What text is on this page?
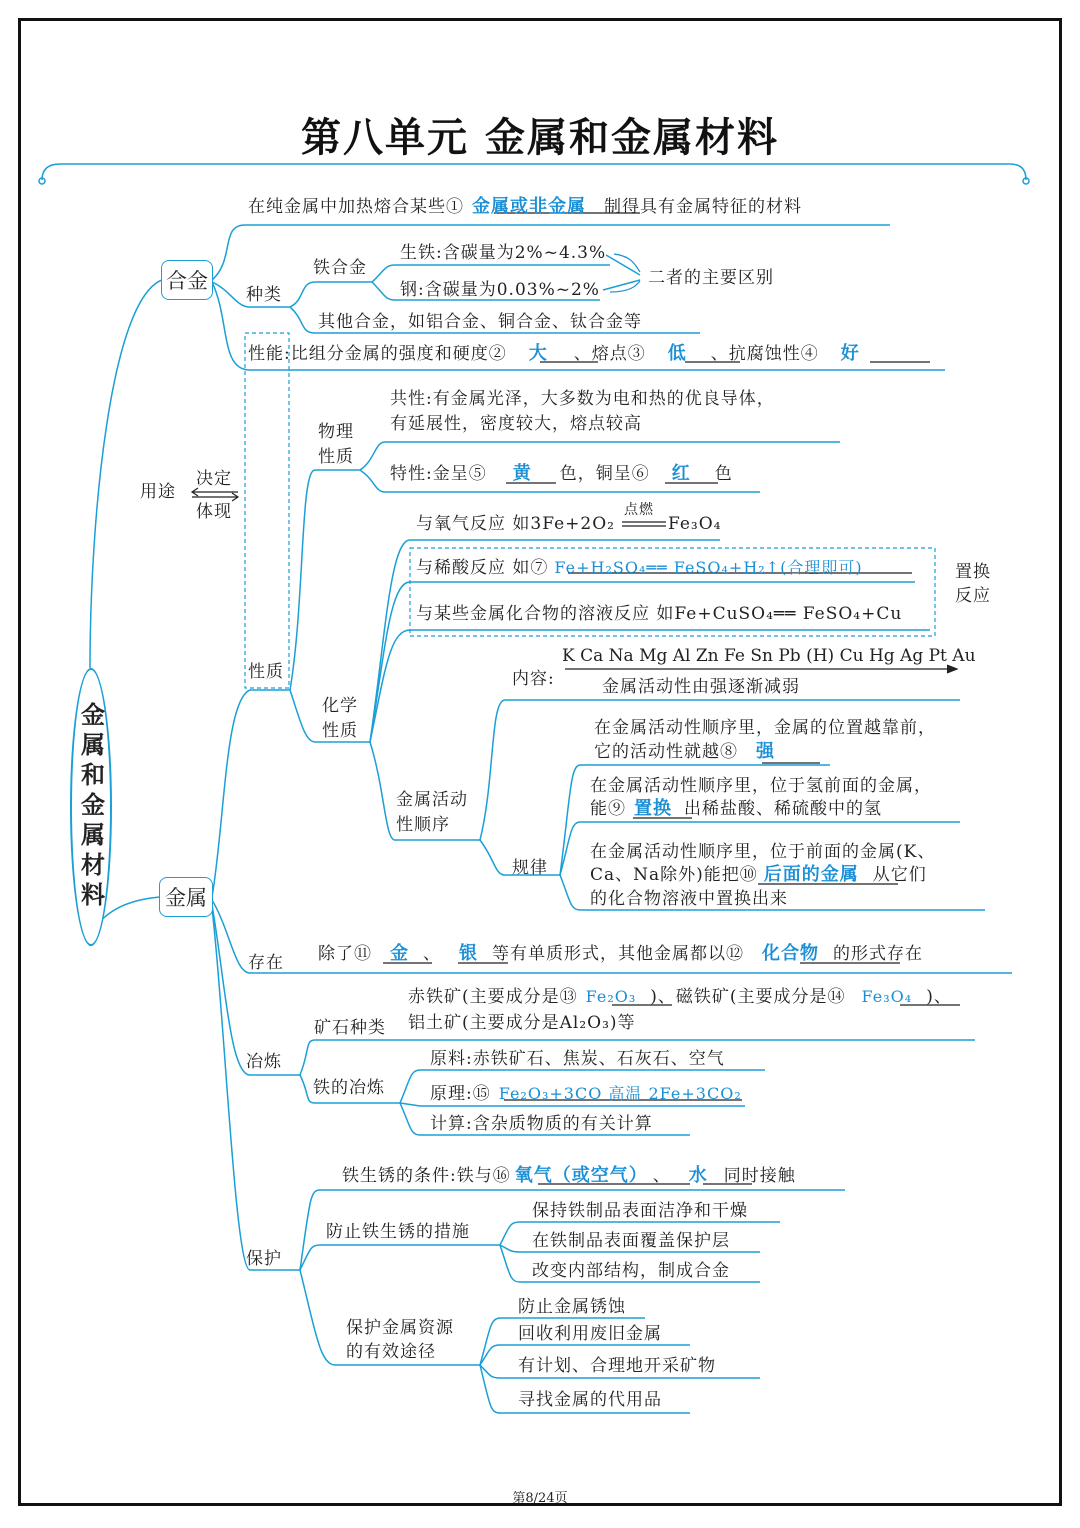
第八单元 金属和金属材料
金属和金属材料
合金
在纯金属中加热熔合某些① 金属或非金属 制得具有金属特征的材料
种类
铁合金
生铁:含碳量为2%~4.3%
钢:含碳量为0.03%~2%
二者的主要区别
其他合金，如铝合金、铜合金、钛合金等
性能:比组分金属的强度和硬度② 大 、熔点③ 低 、抗腐蚀性④ 好
用途
决定
体现
性质
物理性质
共性:有金属光泽，大多数为电和热的优良导体，
有延展性，密度较大，熔点较高
特性:金呈⑤ 黄 色，铜呈⑥ 红 色
化学性质
与氧气反应 如3Fe+2O₂
点燃
Fe₃O₄
与稀酸反应 如⑦ Fe+H₂SO₄══ FeSO₄+H₂↑(合理即可)
与某些金属化合物的溶液反应 如Fe+CuSO₄══ FeSO₄+Cu
置换反应
金属活动性顺序
内容:
K Ca Na Mg Al Zn Fe Sn Pb (H) Cu Hg Ag Pt Au
金属活动性由强逐渐减弱
规律
在金属活动性顺序里，金属的位置越靠前，
它的活动性就越⑧ 强
在金属活动性顺序里，位于氢前面的金属，
能⑨ 置换 出稀盐酸、稀硫酸中的氢
在金属活动性顺序里，位于前面的金属(K、
Ca、Na除外)能把⑩ 后面的金属 从它们
的化合物溶液中置换出来
金属
存在 除了⑪ 金 、 银 等有单质形式，其他金属都以⑫ 化合物 的形式存在
冶炼
矿石种类
赤铁矿(主要成分是⑬ Fe₂O₃ )、磁铁矿(主要成分是⑭ Fe₃O₄ )、
铝土矿(主要成分是Al₂O₃)等
铁的冶炼
原料:赤铁矿石、焦炭、石灰石、空气
原理:⑮ Fe₂O₃+3CO 高温 2Fe+3CO₂
计算:含杂质物质的有关计算
保护
铁生锈的条件:铁与⑯ 氧气（或空气） 、 水 同时接触
防止铁生锈的措施
保持铁制品表面洁净和干燥
在铁制品表面覆盖保护层
改变内部结构，制成合金
保护金属资源
的有效途径
防止金属锈蚀
回收利用废旧金属
有计划、合理地开采矿物
寻找金属的代用品
第8/24页
